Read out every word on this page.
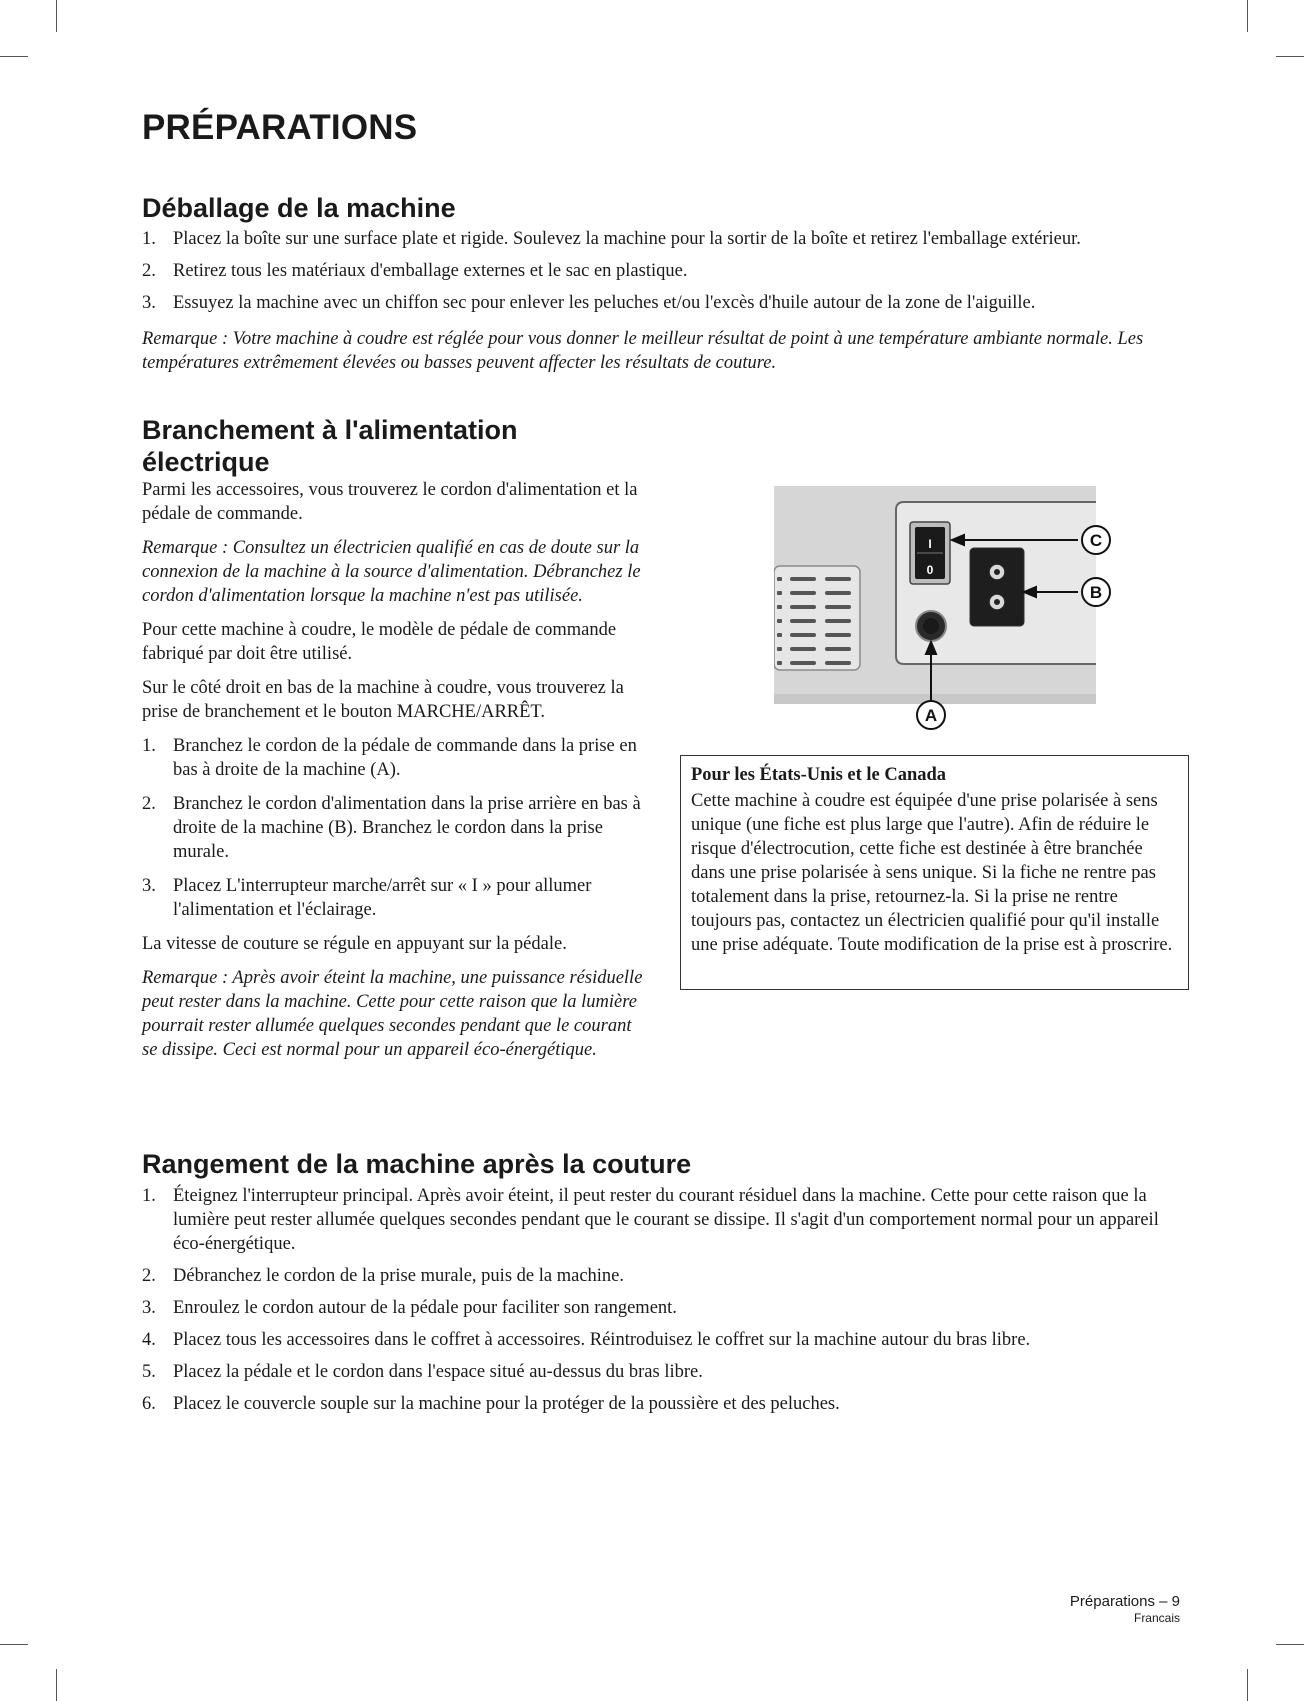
PRÉPARATIONS
Déballage de la machine
1. Placez la boîte sur une surface plate et rigide. Soulevez la machine pour la sortir de la boîte et retirez l'emballage extérieur.
2. Retirez tous les matériaux d'emballage externes et le sac en plastique.
3. Essuyez la machine avec un chiffon sec pour enlever les peluches et/ou l'excès d'huile autour de la zone de l'aiguille.

Remarque : Votre machine à coudre est réglée pour vous donner le meilleur résultat de point à une température ambiante normale. Les températures extrêmement élevées ou basses peuvent affecter les résultats de couture.

Branchement à l'alimentation
électrique

Parmi les accessoires, vous trouverez le cordon d'alimentation et la pédale de commande.

Remarque : Consultez un électricien qualifié en cas de doute sur la connexion de la machine à la source d'alimentation. Débranchez le cordon d'alimentation lorsque la machine n'est pas utilisée.

Pour cette machine à coudre, le modèle de pédale de commande fabriqué par doit être utilisé.

Sur le côté droit en bas de la machine à coudre, vous trouverez la prise de branchement et le bouton MARCHE/ARRÊT.

1. Branchez le cordon de la pédale de commande dans la prise en bas à droite de la machine (A).
2. Branchez le cordon d'alimentation dans la prise arrière en bas à droite de la machine (B). Branchez le cordon dans la prise murale.
3. Placez L'interrupteur marche/arrêt sur « I » pour allumer l'alimentation et l'éclairage.

La vitesse de couture se régule en appuyant sur la pédale.

Remarque : Après avoir éteint la machine, une puissance résiduelle peut rester dans la machine. Cette pour cette raison que la lumière pourrait rester allumée quelques secondes pendant que le courant se dissipe. Ceci est normal pour un appareil éco-énergétique.

I
0
C
B
A
Pour les États-Unis et le Canada
Cette machine à coudre est équipée d'une prise polarisée à sens unique (une fiche est plus large que l'autre). Afin de réduire le risque d'électrocution, cette fiche est destinée à être branchée dans une prise polarisée à sens unique. Si la fiche ne rentre pas totalement dans la prise, retournez-la. Si la prise ne rentre toujours pas, contactez un électricien qualifié pour qu'il installe une prise adéquate. Toute modification de la prise est à proscrire.
Rangement de la machine après la couture
1. Éteignez l'interrupteur principal. Après avoir éteint, il peut rester du courant résiduel dans la machine. Cette pour cette raison que la lumière peut rester allumée quelques secondes pendant que le courant se dissipe. Il s'agit d'un comportement normal pour un appareil éco-énergétique.
2. Débranchez le cordon de la prise murale, puis de la machine.
3. Enroulez le cordon autour de la pédale pour faciliter son rangement.
4. Placez tous les accessoires dans le coffret à accessoires. Réintroduisez le coffret sur la machine autour du bras libre.
5. Placez la pédale et le cordon dans l'espace situé au-dessus du bras libre.
6. Placez le couvercle souple sur la machine pour la protéger de la poussière et des peluches.
Préparations – 9
Francais
